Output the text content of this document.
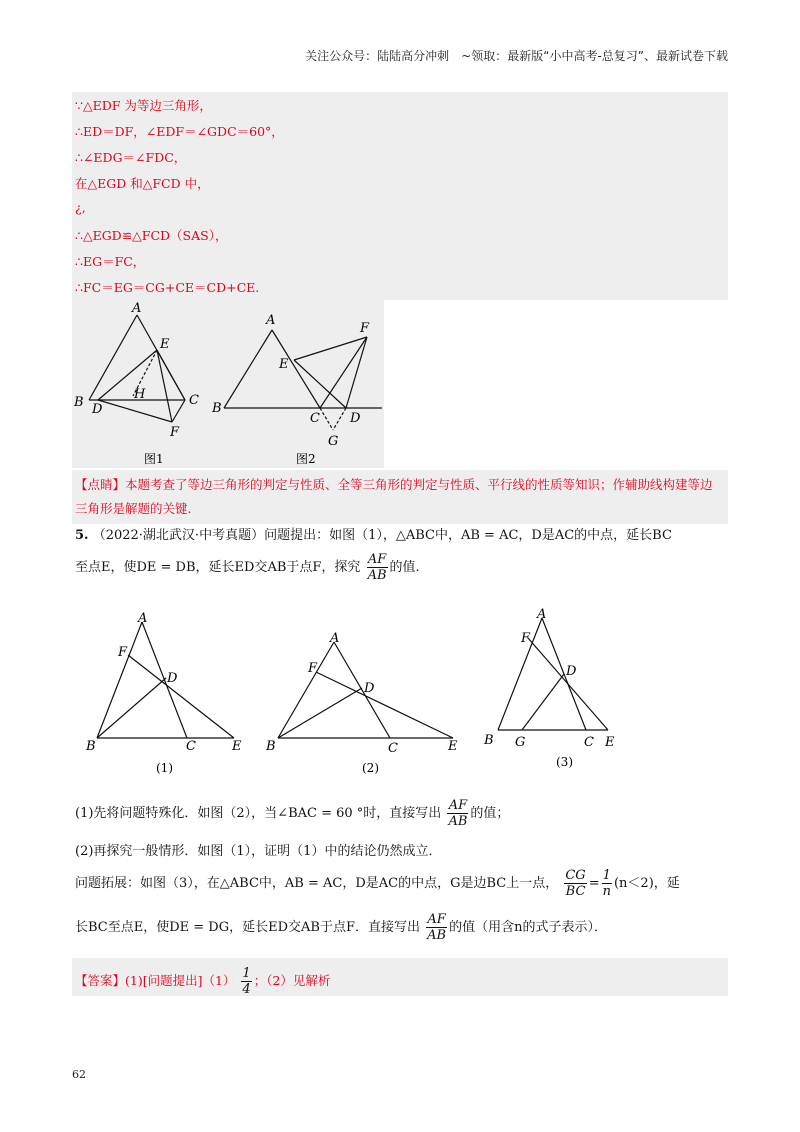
关注公众号：陆陆高分冲刺　~领取：最新版“小中高考-总复习”、最新试卷下载
∵△EDF 为等边三角形，
∴ED＝DF，∠EDF＝∠GDC＝60°，
∴∠EDG＝∠FDC，
在△EGD 和△FCD 中，
¿,
∴△EGD≌△FCD（SAS），
∴EG＝FC，
∴FC＝EG＝CG+CE＝CD+CE.
A
E
H
B D
C
F
图1
A
F
E
B
C D
G
图2
【点睛】本题考查了等边三角形的判定与性质、全等三角形的判定与性质、平行线的性质等知识；作辅助线构建等边三角形是解题的关键.
5. （2022·湖北武汉·中考真题）问题提出：如图（1），△ABC中，AB = AC，D是AC的中点，延长BC
至点E，使DE = DB，延长ED交AB于点F，探究 $\frac{AF}{AB}$ 的值.
A
F
D
B	C	E
(1)
A
F
D
B	C	E
(2)
A
F
D
B G	C E
(3)
(1)先将问题特殊化．如图（2），当∠BAC = 60 °时，直接写出 $\frac{AF}{AB}$ 的值；
(2)再探究一般情形．如图（1），证明（1）中的结论仍然成立．
问题拓展：如图（3），在△ABC中，AB = AC，D是AC的中点，G是边BC上一点， $\frac{CG}{BC} = \frac{1}{n} (n<2)$，延
长BC至点E，使DE = DG，延长ED交AB于点F．直接写出 $\frac{AF}{AB}$ 的值（用含n的式子表示）．
【答案】(1)[问题提出]$(1) \frac{1}{4}$ ；（2）见解析
62
